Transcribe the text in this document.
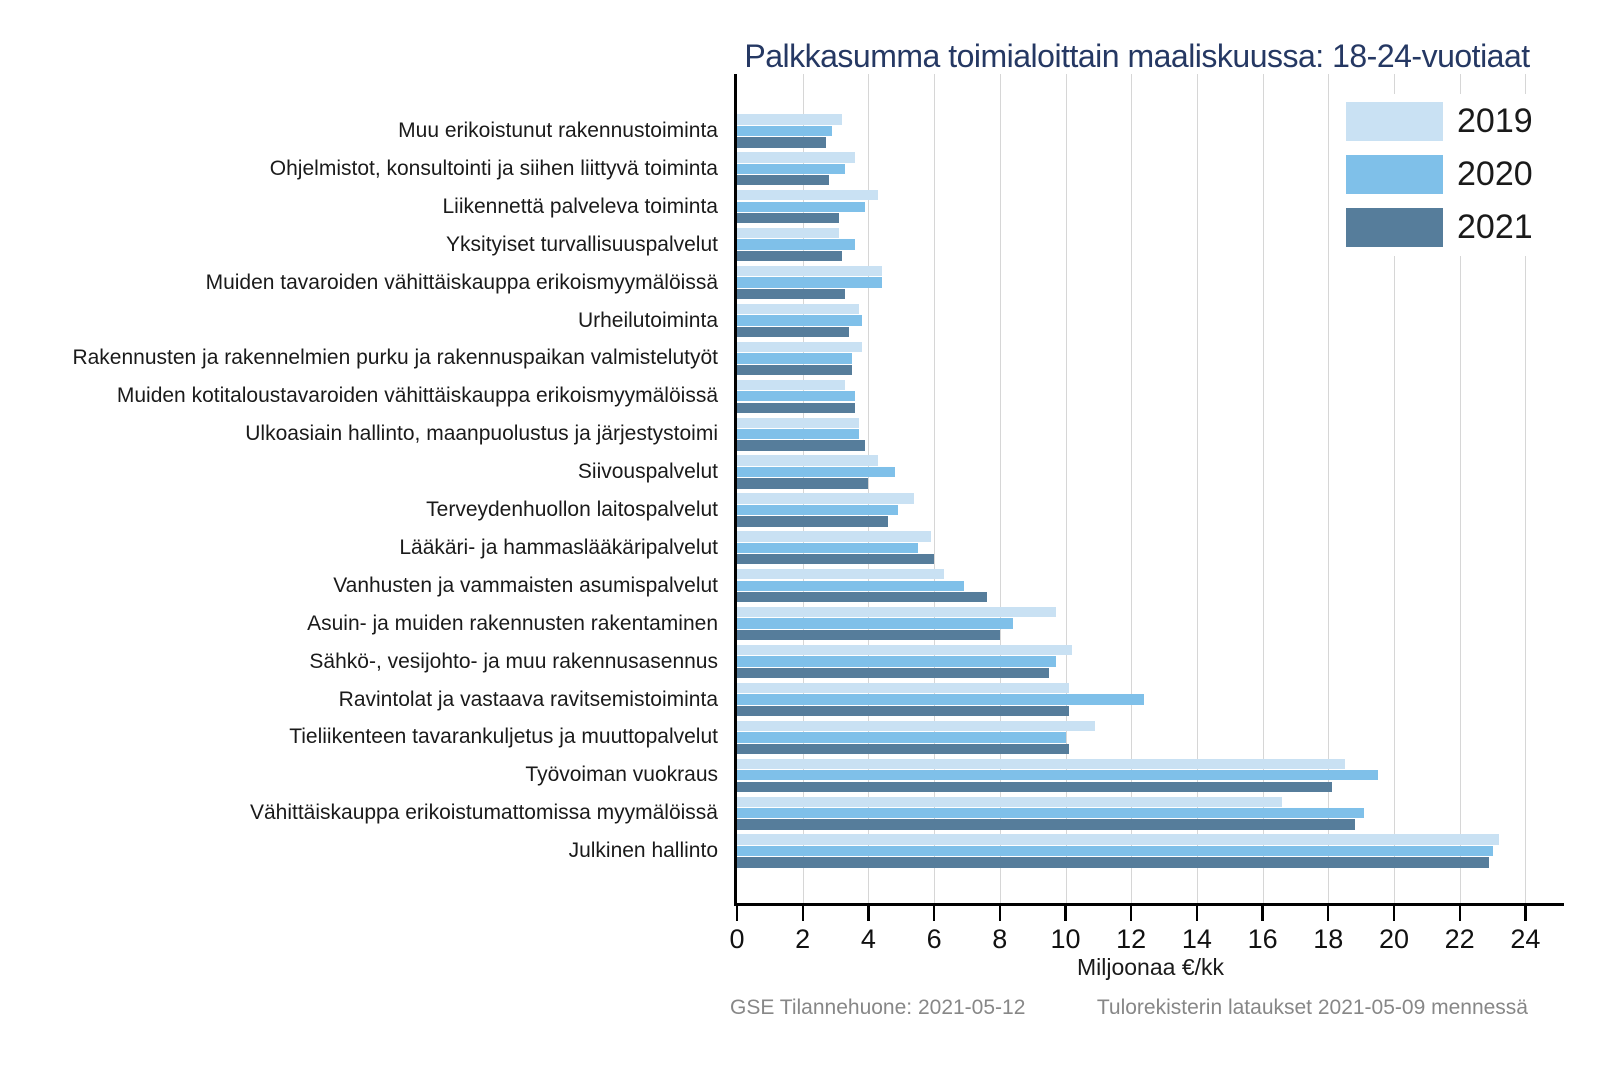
Palkkasumma toimialoittain maaliskuussa: 18-24-vuotiaat
Muu erikoistunut rakennustoiminta
Ohjelmistot, konsultointi ja siihen liittyvä toiminta
Liikennettä palveleva toiminta
Yksityiset turvallisuuspalvelut
Muiden tavaroiden vähittäiskauppa erikoismyymälöissä
Urheilutoiminta
Rakennusten ja rakennelmien purku ja rakennuspaikan valmistelutyöt
Muiden kotitaloustavaroiden vähittäiskauppa erikoismyymälöissä
Ulkoasiain hallinto, maanpuolustus ja järjestystoimi
Siivouspalvelut
Terveydenhuollon laitospalvelut
Lääkäri- ja hammaslääkäripalvelut
Vanhusten ja vammaisten asumispalvelut
Asuin- ja muiden rakennusten rakentaminen
Sähkö-, vesijohto- ja muu rakennusasennus
Ravintolat ja vastaava ravitsemistoiminta
Tieliikenteen tavarankuljetus ja muuttopalvelut
Työvoiman vuokraus
Vähittäiskauppa erikoistumattomissa myymälöissä
Julkinen hallinto
0 2 4 6 8 10 12 14 16 18 20 22 24
Miljoonaa €/kk
2019
2020
2021
GSE Tilannehuone: 2021-05-12	Tulorekisterin lataukset 2021-05-09 mennessä
